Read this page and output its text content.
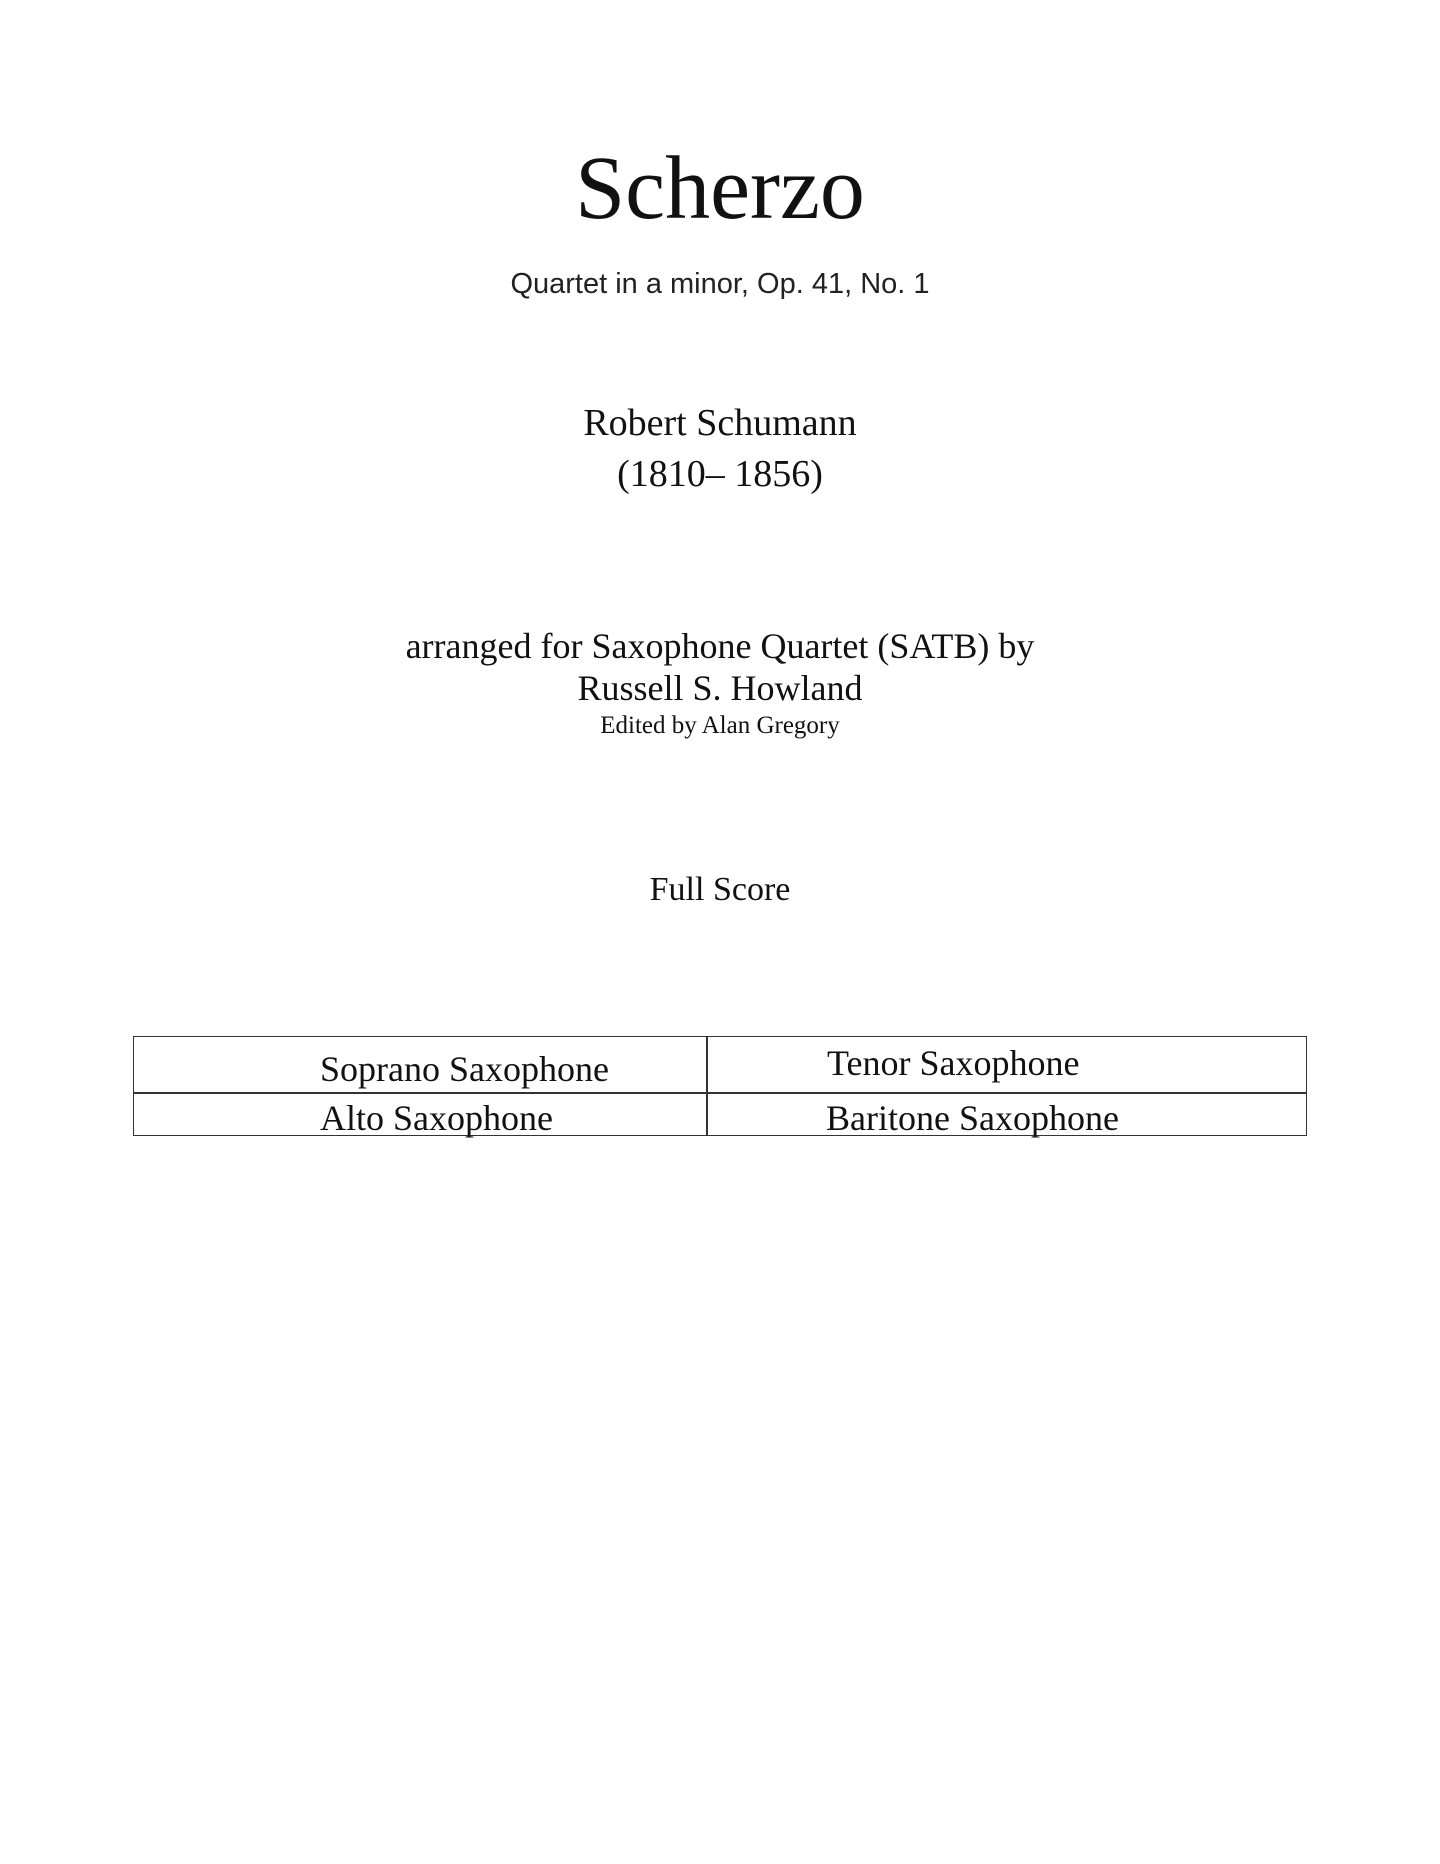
Scherzo
Quartet in a minor, Op. 41, No. 1
Robert Schumann
(1810– 1856)
arranged for Saxophone Quartet (SATB) by
Russell S. Howland
Edited by Alan Gregory
Full Score
Soprano Saxophone	Tenor Saxophone
Alto Saxophone	Baritone Saxophone
